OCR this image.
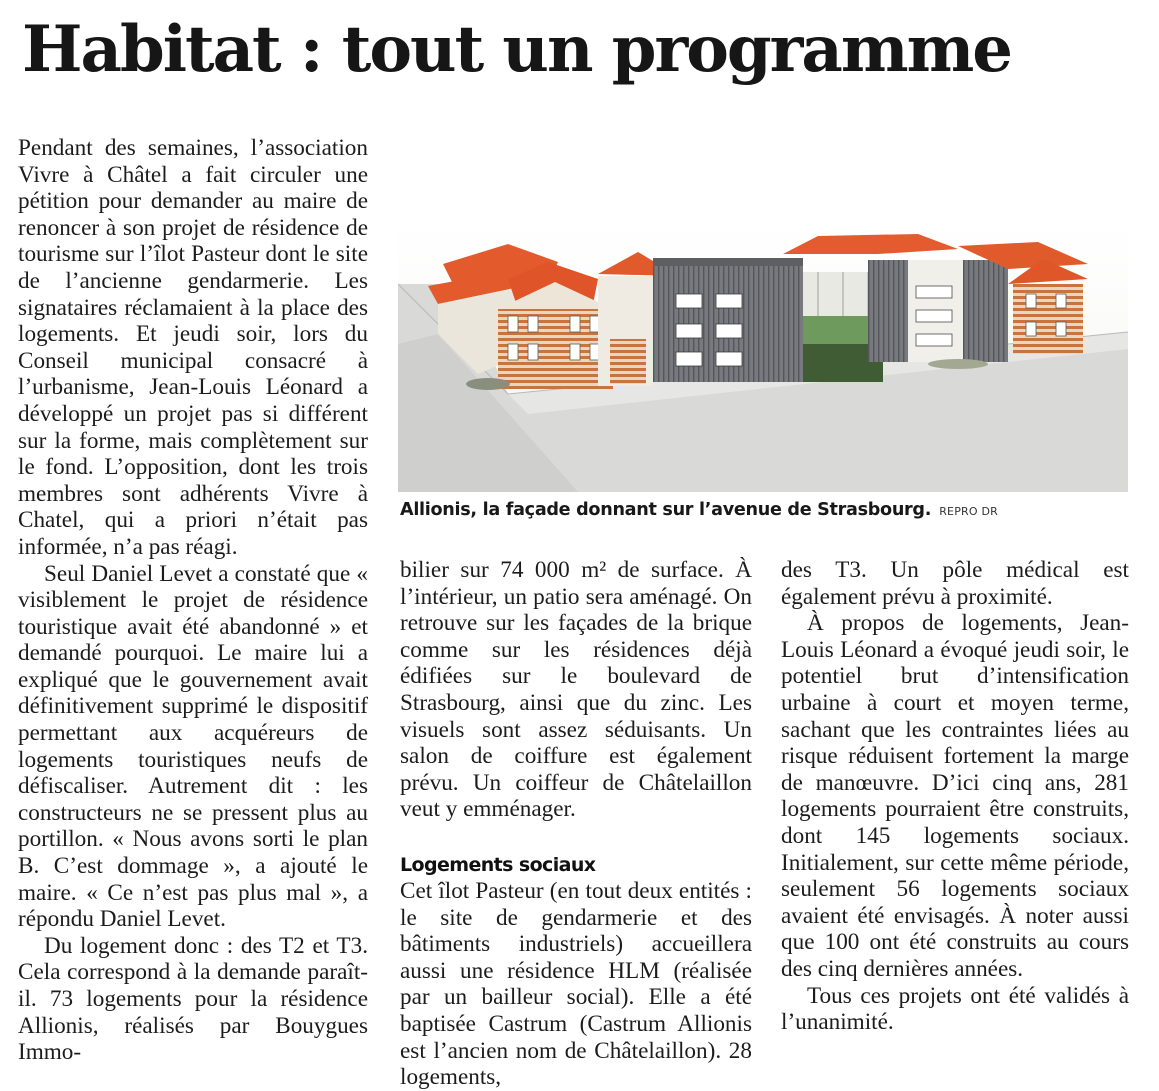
Habitat : tout un programme

Pendant des semaines, l’association Vivre à Châtel a fait circuler une pétition pour demander au maire de renoncer à son projet de résidence de tourisme sur l’îlot Pasteur dont le site de l’ancienne gendarmerie. Les signataires réclamaient à la place des logements. Et jeudi soir, lors du Conseil municipal consacré à l’urbanisme, Jean-Louis Léonard a développé un projet pas si différent sur la forme, mais complètement sur le fond. L’opposition, dont les trois membres sont adhérents Vivre à Chatel, qui a priori n’était pas informée, n’a pas réagi.

Seul Daniel Levet a constaté que « visiblement le projet de résidence touristique avait été abandonné » et demandé pourquoi. Le maire lui a expliqué que le gouvernement avait définitivement supprimé le dispositif permettant aux acquéreurs de logements touristiques neufs de défiscaliser. Autrement dit : les constructeurs ne se pressent plus au portillon. « Nous avons sorti le plan B. C’est dommage », a ajouté le maire. « Ce n’est pas plus mal », a répondu Daniel Levet.

Du logement donc : des T2 et T3. Cela correspond à la demande paraît-il. 73 logements pour la résidence Allionis, réalisés par Bouygues Immo-

Allionis, la façade donnant sur l’avenue de Strasbourg. REPRO DR

bilier sur 74 000 m² de surface. À l’intérieur, un patio sera aménagé. On retrouve sur les façades de la brique comme sur les résidences déjà édifiées sur le boulevard de Strasbourg, ainsi que du zinc. Les visuels sont assez séduisants. Un salon de coiffure est également prévu. Un coiffeur de Châtelaillon veut y emménager.

Logements sociaux

Cet îlot Pasteur (en tout deux entités : le site de gendarmerie et des bâtiments industriels) accueillera aussi une résidence HLM (réalisée par un bailleur social). Elle a été baptisée Castrum (Castrum Allionis est l’ancien nom de Châtelaillon). 28 logements,

des T3. Un pôle médical est également prévu à proximité.

À propos de logements, Jean-Louis Léonard a évoqué jeudi soir, le potentiel brut d’intensification urbaine à court et moyen terme, sachant que les contraintes liées au risque réduisent fortement la marge de manœuvre. D’ici cinq ans, 281 logements pourraient être construits, dont 145 logements sociaux. Initialement, sur cette même période, seulement 56 logements sociaux avaient été envisagés. À noter aussi que 100 ont été construits au cours des cinq dernières années.

Tous ces projets ont été validés à l’unanimité.
